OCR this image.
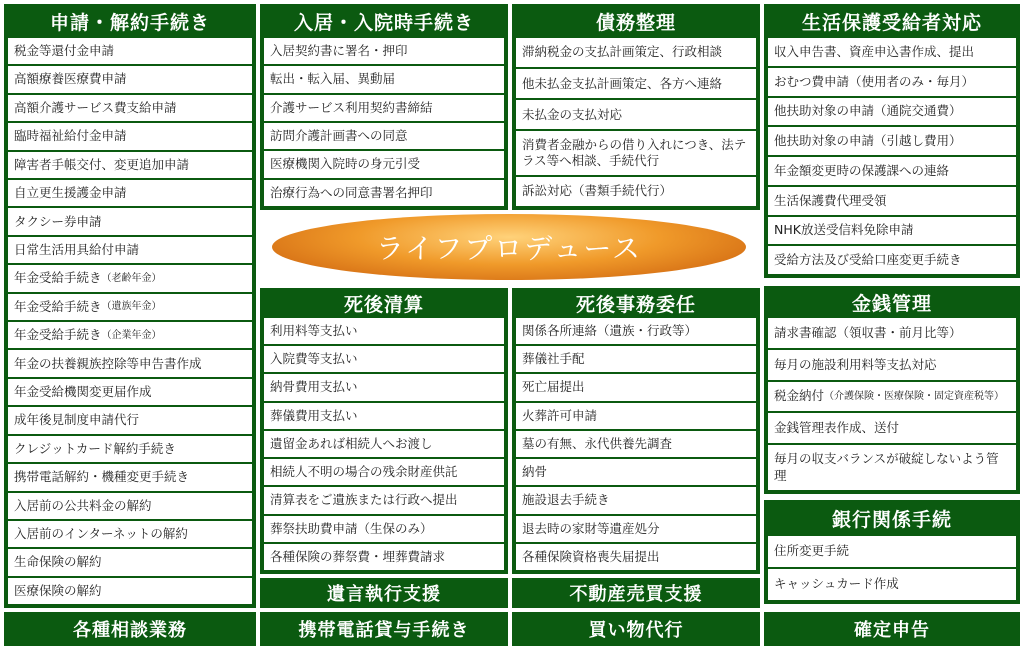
申請・解約手続き
税金等還付金申請
高額療養医療費申請
高額介護サービス費支給申請
臨時福祉給付金申請
障害者手帳交付、変更追加申請
自立更生援護金申請
タクシー券申請
日常生活用具給付申請
年金受給手続き （老齢年金）
年金受給手続き （遺族年金）
年金受給手続き （企業年金）
年金の扶養親族控除等申告書作成
年金受給機関変更届作成
成年後見制度申請代行
クレジットカード解約手続き
携帯電話解約・機種変更手続き
入居前の公共料金の解約
入居前のインターネットの解約
生命保険の解約
医療保険の解約
入居・入院時手続き
入居契約書に署名・押印
転出・転入届、異動届
介護サービス利用契約書締結
訪問介護計画書への同意
医療機関入院時の身元引受
治療行為への同意書署名押印
債務整理
滞納税金の支払計画策定、行政相談
他未払金支払計画策定、各方へ連絡
未払金の支払対応
消費者金融からの借り入れにつき、法テラス等へ相談、手続代行
訴訟対応（書類手続代行）
生活保護受給者対応
収入申告書、資産申込書作成、提出
おむつ費申請（使用者のみ・毎月）
他扶助対象の申請（通院交通費）
他扶助対象の申請（引越し費用）
年金額変更時の保護課への連絡
生活保護費代理受領
NHK放送受信料免除申請
受給方法及び受給口座変更手続き
ライフプロデュース
死後清算
利用料等支払い
入院費等支払い
納骨費用支払い
葬儀費用支払い
遺留金あれば相続人へお渡し
相続人不明の場合の残余財産供託
清算表をご遺族または行政へ提出
葬祭扶助費申請（生保のみ）
各種保険の葬祭費・埋葬費請求
死後事務委任
関係各所連絡（遺族・行政等）
葬儀社手配
死亡届提出
火葬許可申請
墓の有無、永代供養先調査
納骨
施設退去手続き
退去時の家財等遺産処分
各種保険資格喪失届提出
金銭管理
請求書確認（領収書・前月比等）
毎月の施設利用料等支払対応
税金納付 （介護保険・医療保険・固定資産税等）
金銭管理表作成、送付
毎月の収支バランスが破綻しないよう管理
銀行関係手続
住所変更手続
キャッシュカード作成
各種相談業務
遺言執行支援
携帯電話貸与手続き
不動産売買支援
買い物代行	確定申告
